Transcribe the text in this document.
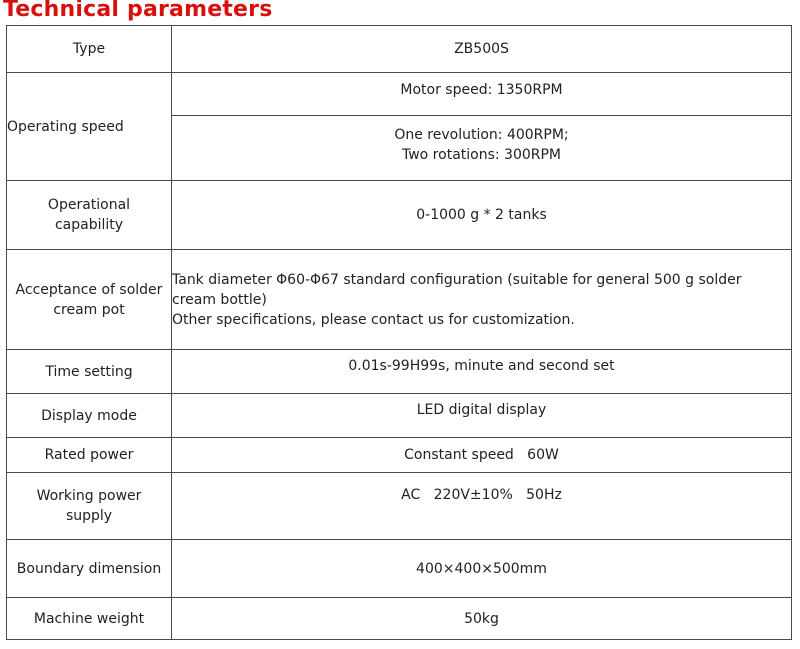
Technical parameters
Type	ZB500S
Operating speed	Motor speed: 1350RPM
One revolution: 400RPM;
Two rotations: 300RPM

Operational
capability	0-1000 g * 2 tanks

Acceptance of solder
cream pot	Tank diameter Φ60-Φ67 standard configuration (suitable for general 500 g solder
cream bottle)
Other specifications, please contact us for customization.

Time setting	0.01s-99H99s, minute and second set
Display mode	LED digital display
Rated power	Constant speed   60W

Working power
supply	AC   220V±10%   50Hz
Boundary dimension	400×400×500mm
Machine weight	50kg
